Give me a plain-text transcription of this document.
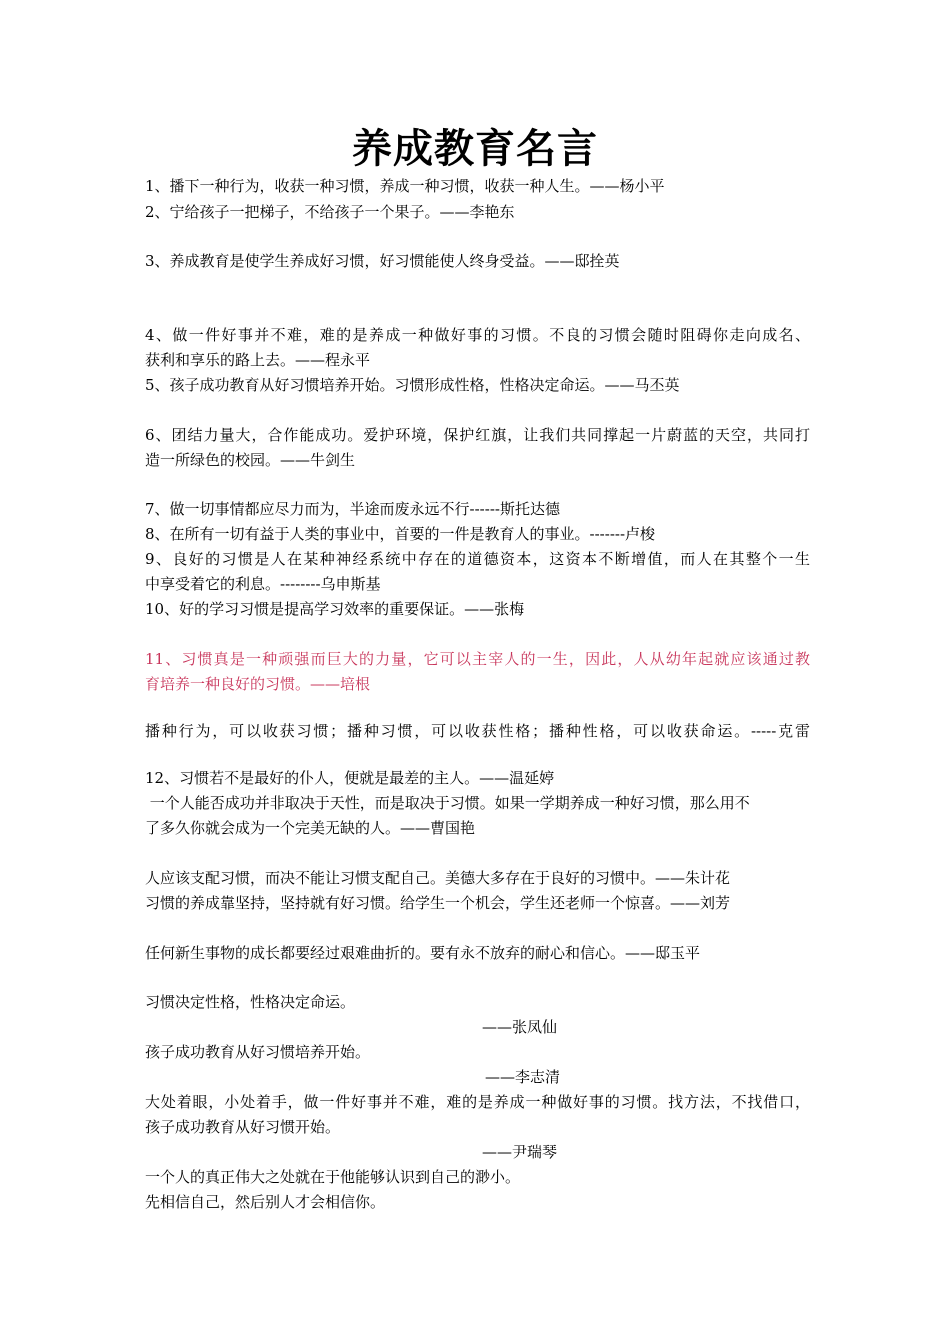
养成教育名言
1、播下一种行为，收获一种习惯，养成一种习惯，收获一种人生。——杨小平
2、宁给孩子一把梯子，不给孩子一个果子。——李艳东
3、养成教育是使学生养成好习惯，好习惯能使人终身受益。——邸拴英
4、做一件好事并不难，难的是养成一种做好事的习惯。不良的习惯会随时阻碍你走向成名、
获利和享乐的路上去。——程永平
5、孩子成功教育从好习惯培养开始。习惯形成性格，性格决定命运。——马丕英
6、团结力量大，合作能成功。爱护环境，保护红旗，让我们共同撑起一片蔚蓝的天空，共同打
造一所绿色的校园。——牛剑生
7、做一切事情都应尽力而为，半途而废永远不行------斯托达德
8、在所有一切有益于人类的事业中，首要的一件是教育人的事业。-------卢梭
9、良好的习惯是人在某种神经系统中存在的道德资本，这资本不断增值，而人在其整个一生
中享受着它的利息。--------乌申斯基
10、好的学习习惯是提高学习效率的重要保证。——张梅
11、习惯真是一种顽强而巨大的力量，它可以主宰人的一生，因此，人从幼年起就应该通过教
育培养一种良好的习惯。——培根
播种行为，可以收获习惯；播种习惯，可以收获性格；播种性格，可以收获命运。-----克雷
12、习惯若不是最好的仆人，便就是最差的主人。——温延婷
一个人能否成功并非取决于天性，而是取决于习惯。如果一学期养成一种好习惯，那么用不
了多久你就会成为一个完美无缺的人。——曹国艳
人应该支配习惯，而决不能让习惯支配自己。美德大多存在于良好的习惯中。——朱计花
习惯的养成靠坚持，坚持就有好习惯。给学生一个机会，学生还老师一个惊喜。——刘芳
任何新生事物的成长都要经过艰难曲折的。要有永不放弃的耐心和信心。——邸玉平
习惯决定性格，性格决定命运。
——张凤仙
孩子成功教育从好习惯培养开始。
——李志清
大处着眼，小处着手，做一件好事并不难，难的是养成一种做好事的习惯。找方法，不找借口，
孩子成功教育从好习惯开始。
——尹瑞琴
一个人的真正伟大之处就在于他能够认识到自己的渺小。
先相信自己，然后别人才会相信你。
